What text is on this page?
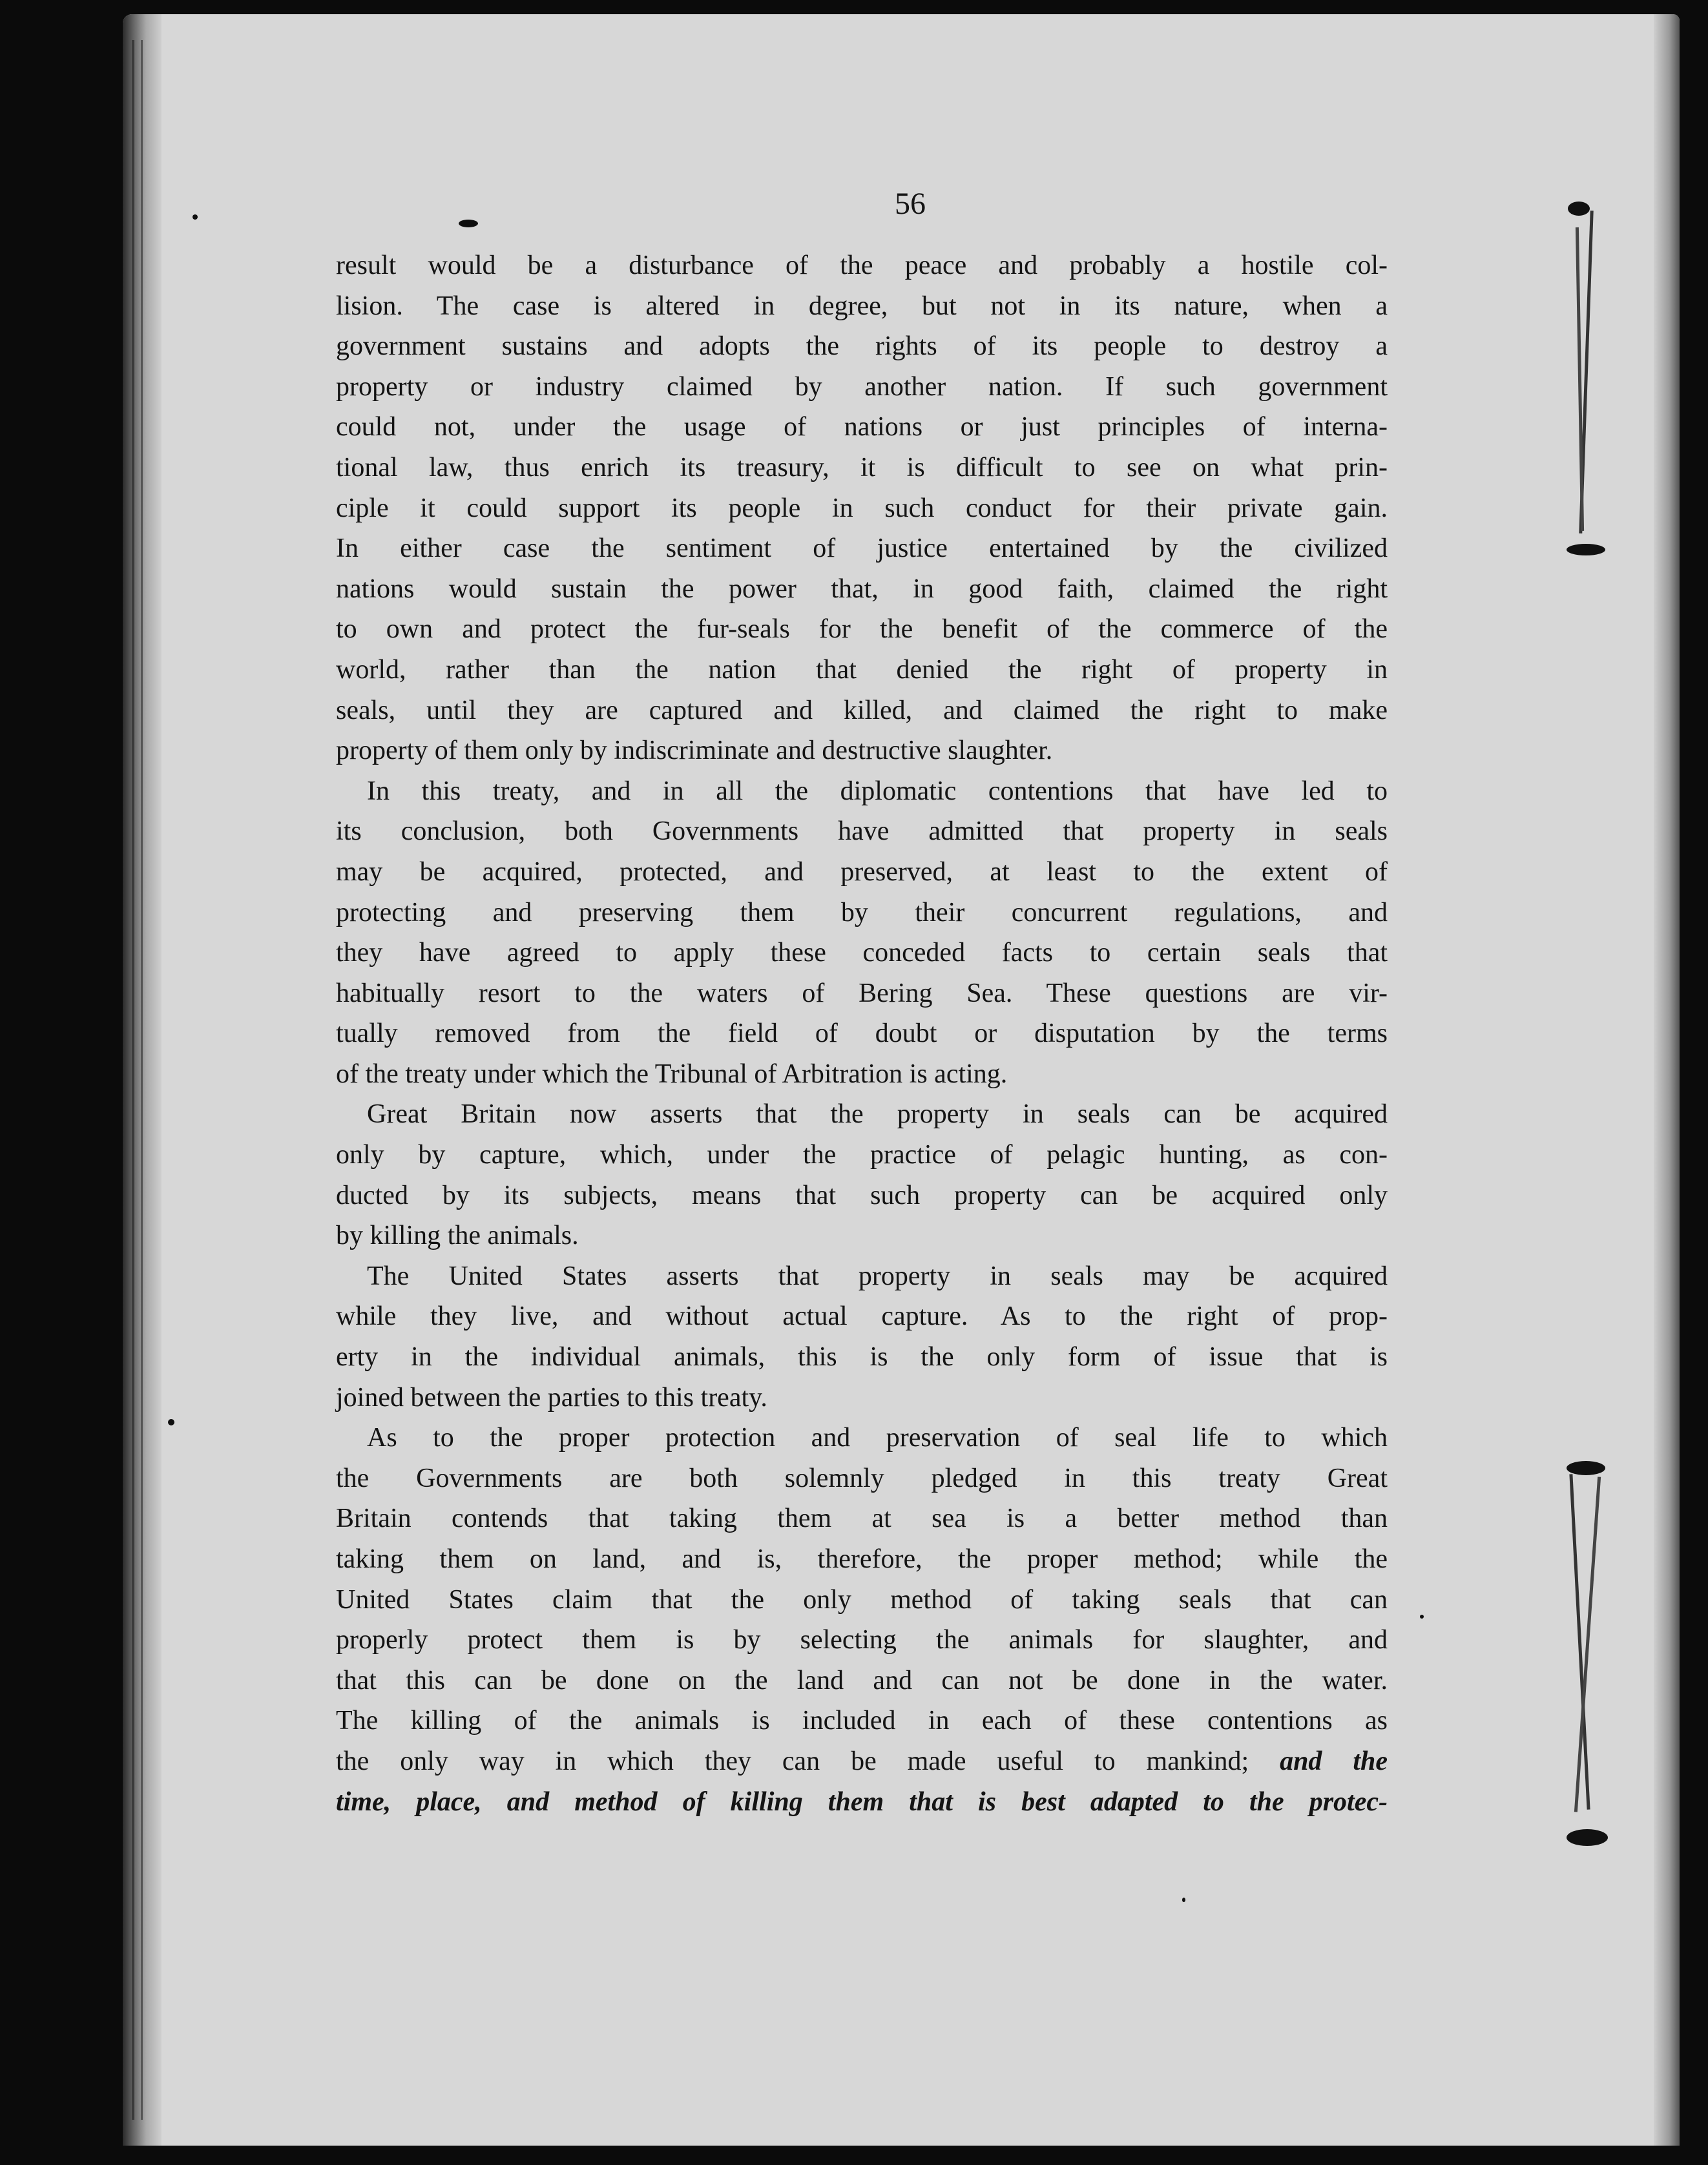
56
result would be a disturbance of the peace and probably a hostile col-
lision. The case is altered in degree, but not in its nature, when a
government sustains and adopts the rights of its people to destroy a
property or industry claimed by another nation. If such government
could not, under the usage of nations or just principles of interna-
tional law, thus enrich its treasury, it is difficult to see on what prin-
ciple it could support its people in such conduct for their private gain.
In either case the sentiment of justice entertained by the civilized
nations would sustain the power that, in good faith, claimed the right
to own and protect the fur-seals for the benefit of the commerce of the
world, rather than the nation that denied the right of property in
seals, until they are captured and killed, and claimed the right to make
property of them only by indiscriminate and destructive slaughter.
In this treaty, and in all the diplomatic contentions that have led to
its conclusion, both Governments have admitted that property in seals
may be acquired, protected, and preserved, at least to the extent of
protecting and preserving them by their concurrent regulations, and
they have agreed to apply these conceded facts to certain seals that
habitually resort to the waters of Bering Sea. These questions are vir-
tually removed from the field of doubt or disputation by the terms
of the treaty under which the Tribunal of Arbitration is acting.
Great Britain now asserts that the property in seals can be acquired
only by capture, which, under the practice of pelagic hunting, as con-
ducted by its subjects, means that such property can be acquired only
by killing the animals.
The United States asserts that property in seals may be acquired
while they live, and without actual capture. As to the right of prop-
erty in the individual animals, this is the only form of issue that is
joined between the parties to this treaty.
As to the proper protection and preservation of seal life to which
the Governments are both solemnly pledged in this treaty Great
Britain contends that taking them at sea is a better method than
taking them on land, and is, therefore, the proper method; while the
United States claim that the only method of taking seals that can
properly protect them is by selecting the animals for slaughter, and
that this can be done on the land and can not be done in the water.
The killing of the animals is included in each of these contentions as
the only way in which they can be made useful to mankind; and the
time, place, and method of killing them that is best adapted to the protec-
